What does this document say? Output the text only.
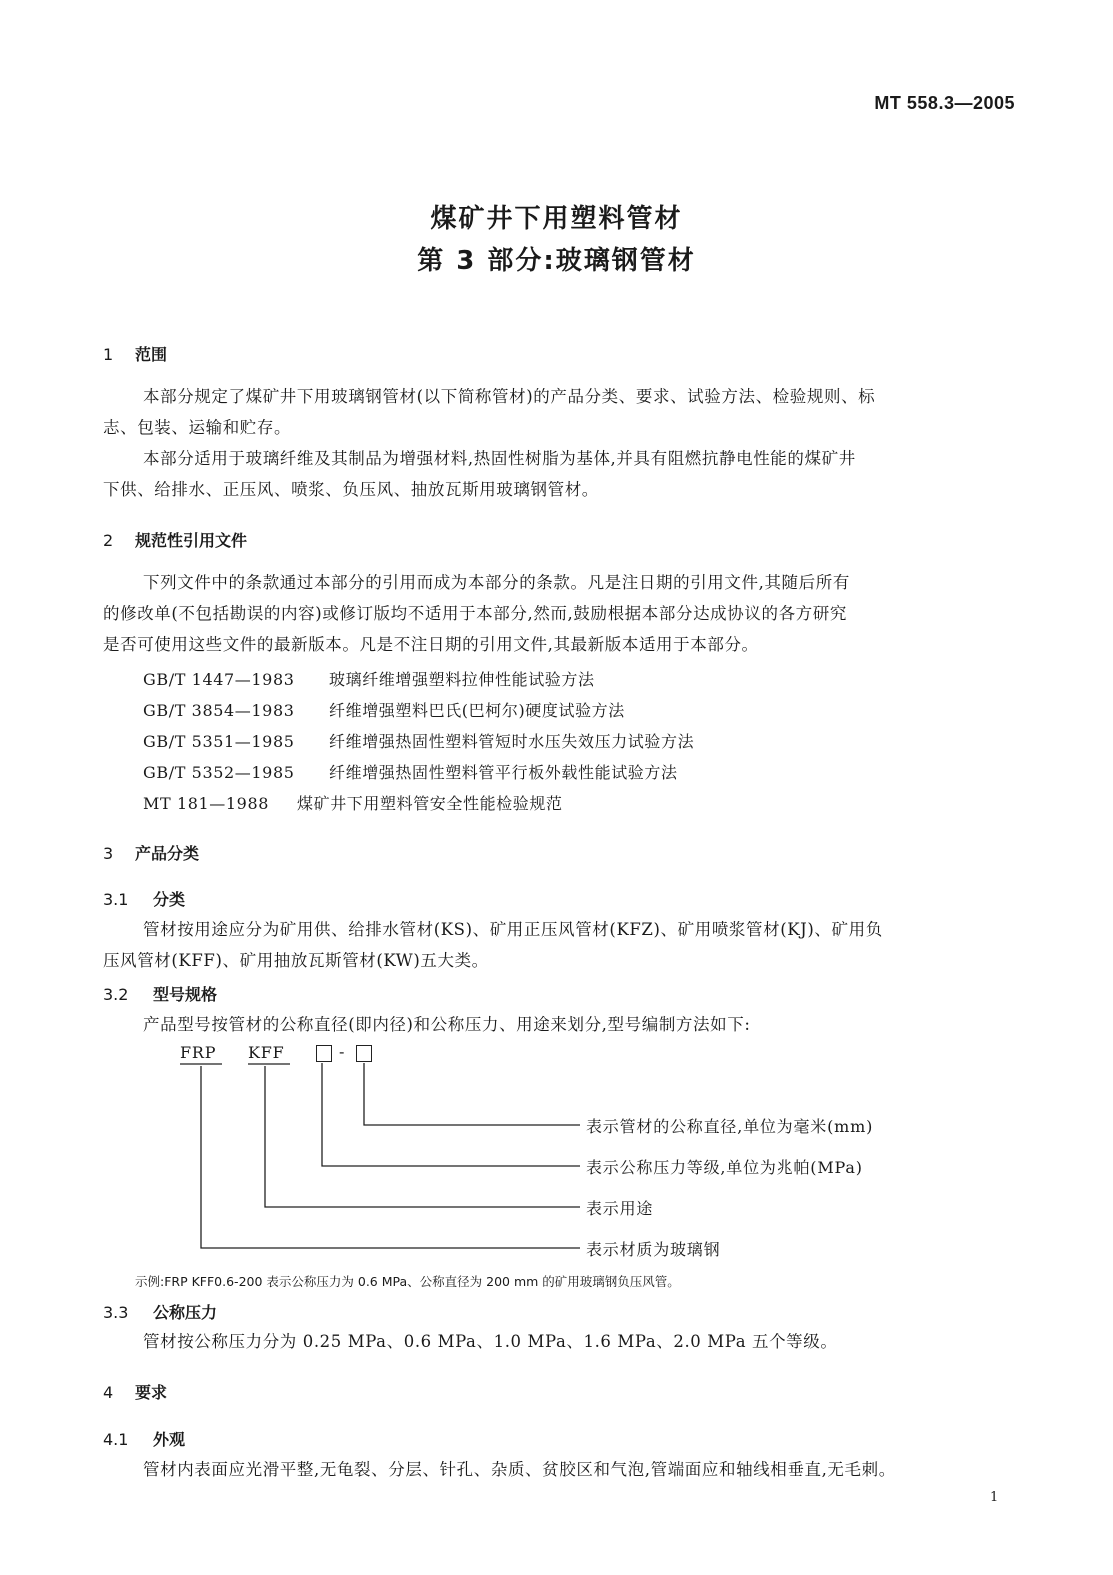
MT 558.3—2005
煤矿井下用塑料管材
第 3 部分:玻璃钢管材
1 范围
本部分规定了煤矿井下用玻璃钢管材(以下简称管材)的产品分类、要求、试验方法、检验规则、标
志、包装、运输和贮存。
本部分适用于玻璃纤维及其制品为增强材料,热固性树脂为基体,并具有阻燃抗静电性能的煤矿井
下供、给排水、正压风、喷浆、负压风、抽放瓦斯用玻璃钢管材。
2 规范性引用文件
下列文件中的条款通过本部分的引用而成为本部分的条款。凡是注日期的引用文件,其随后所有
的修改单(不包括勘误的内容)或修订版均不适用于本部分,然而,鼓励根据本部分达成协议的各方研究
是否可使用这些文件的最新版本。凡是不注日期的引用文件,其最新版本适用于本部分。
GB/T 1447—1983 玻璃纤维增强塑料拉伸性能试验方法
GB/T 3854—1983 纤维增强塑料巴氏(巴柯尔)硬度试验方法
GB/T 5351—1985 纤维增强热固性塑料管短时水压失效压力试验方法
GB/T 5352—1985 纤维增强热固性塑料管平行板外载性能试验方法
MT 181—1988 煤矿井下用塑料管安全性能检验规范
3 产品分类
3.1 分类
管材按用途应分为矿用供、给排水管材(KS)、矿用正压风管材(KFZ)、矿用喷浆管材(KJ)、矿用负
压风管材(KFF)、矿用抽放瓦斯管材(KW)五大类。
3.2 型号规格
产品型号按管材的公称直径(即内径)和公称压力、用途来划分,型号编制方法如下:
FRP KFF	-
表示管材的公称直径,单位为毫米(mm)
表示公称压力等级,单位为兆帕(MPa)
表示用途
表示材质为玻璃钢
示例:FRP KFF0.6-200 表示公称压力为 0.6 MPa、公称直径为 200 mm 的矿用玻璃钢负压风管。
3.3 公称压力
管材按公称压力分为 0.25 MPa、0.6 MPa、1.0 MPa、1.6 MPa、2.0 MPa 五个等级。
4 要求
4.1 外观
管材内表面应光滑平整,无龟裂、分层、针孔、杂质、贫胶区和气泡,管端面应和轴线相垂直,无毛刺。
1
